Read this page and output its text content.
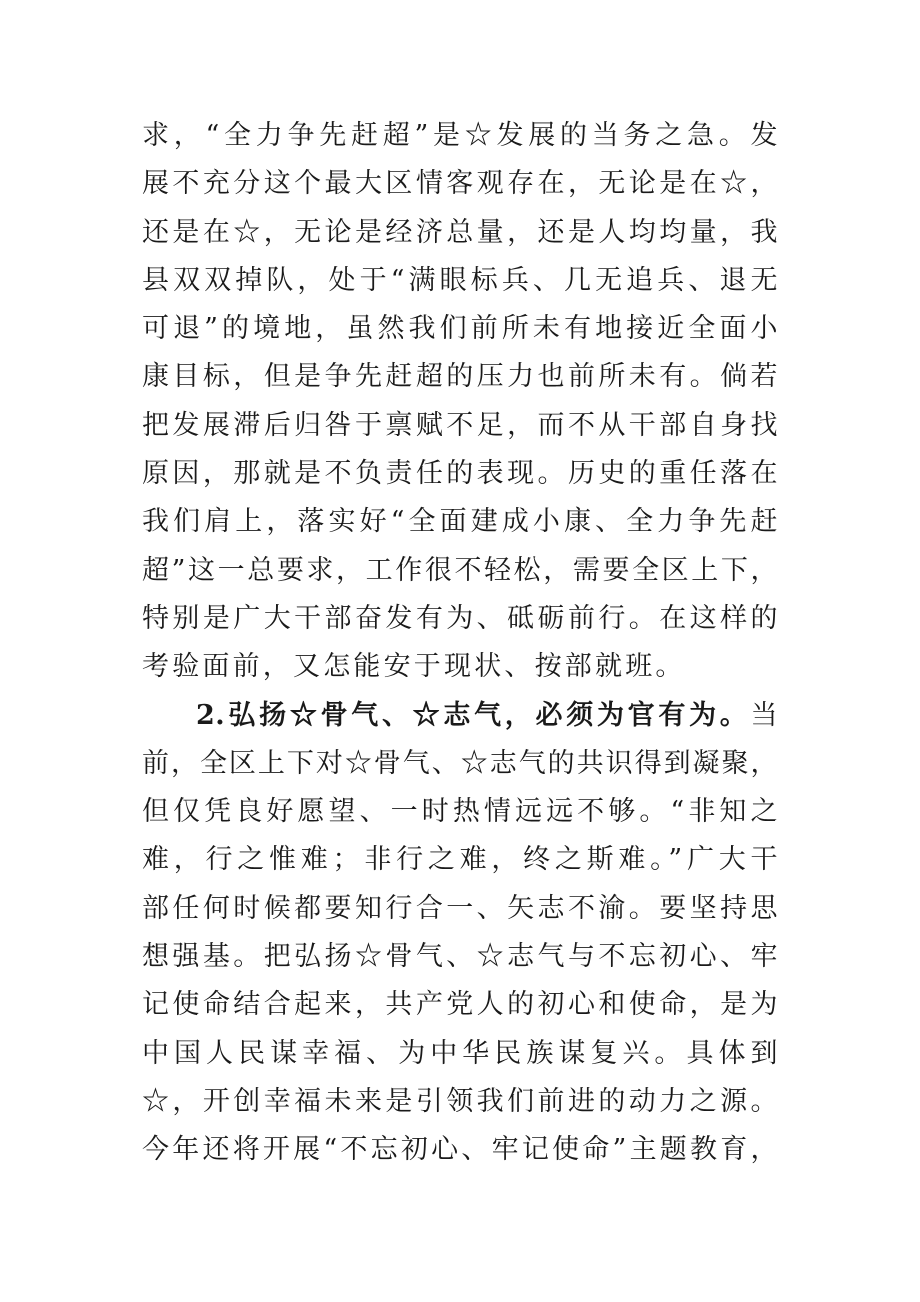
求，“全力争先赶超”是☆发展的当务之急。发
展不充分这个最大区情客观存在，无论是在☆，
还是在☆，无论是经济总量，还是人均均量，我
县双双掉队，处于“满眼标兵、几无追兵、退无
可退”的境地，虽然我们前所未有地接近全面小
康目标，但是争先赶超的压力也前所未有。倘若
把发展滞后归咎于禀赋不足，而不从干部自身找
原因，那就是不负责任的表现。历史的重任落在
我们肩上，落实好“全面建成小康、全力争先赶
超”这一总要求，工作很不轻松，需要全区上下，
特别是广大干部奋发有为、砥砺前行。在这样的
考验面前，又怎能安于现状、按部就班。
2.弘扬☆骨气、☆志气，必须为官有为。当
前，全区上下对☆骨气、☆志气的共识得到凝聚，
但仅凭良好愿望、一时热情远远不够。“非知之
难，行之惟难；非行之难，终之斯难。”广大干
部任何时候都要知行合一、矢志不渝。要坚持思
想强基。把弘扬☆骨气、☆志气与不忘初心、牢
记使命结合起来，共产党人的初心和使命，是为
中国人民谋幸福、为中华民族谋复兴。具体到
☆，开创幸福未来是引领我们前进的动力之源。
今年还将开展“不忘初心、牢记使命”主题教育，
